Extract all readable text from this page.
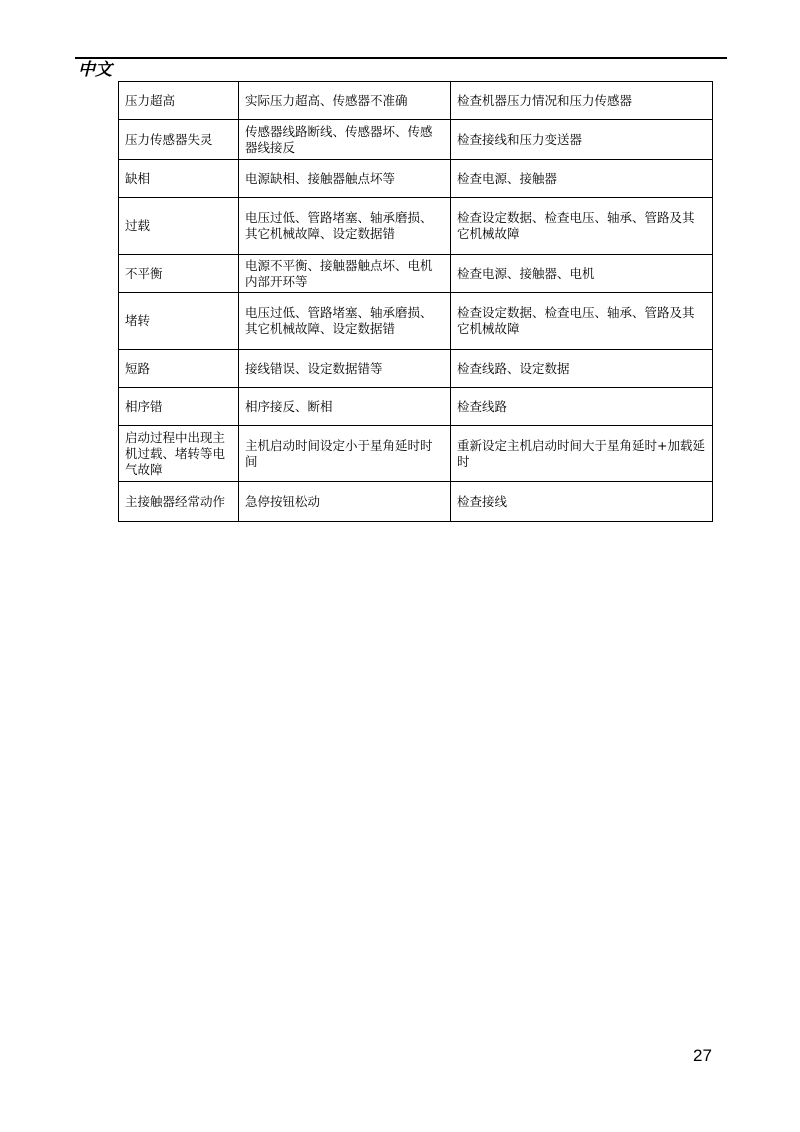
中文
压力超高	实际压力超高、传感器不准确	检查机器压力情况和压力传感器
压力传感器失灵	传感器线路断线、传感器坏、传感器线接反	检查接线和压力变送器
缺相	电源缺相、接触器触点坏等	检查电源、接触器
过载	电压过低、管路堵塞、轴承磨损、其它机械故障、设定数据错	检查设定数据、检查电压、轴承、管路及其它机械故障
不平衡	电源不平衡、接触器触点坏、电机内部开环等	检查电源、接触器、电机
堵转	电压过低、管路堵塞、轴承磨损、其它机械故障、设定数据错	检查设定数据、检查电压、轴承、管路及其它机械故障
短路	接线错误、设定数据错等	检查线路、设定数据
相序错	相序接反、断相	检查线路
启动过程中出现主机过载、堵转等电气故障	主机启动时间设定小于星角延时时间	重新设定主机启动时间大于星角延时+加载延时
主接触器经常动作	急停按钮松动	检查接线
27
